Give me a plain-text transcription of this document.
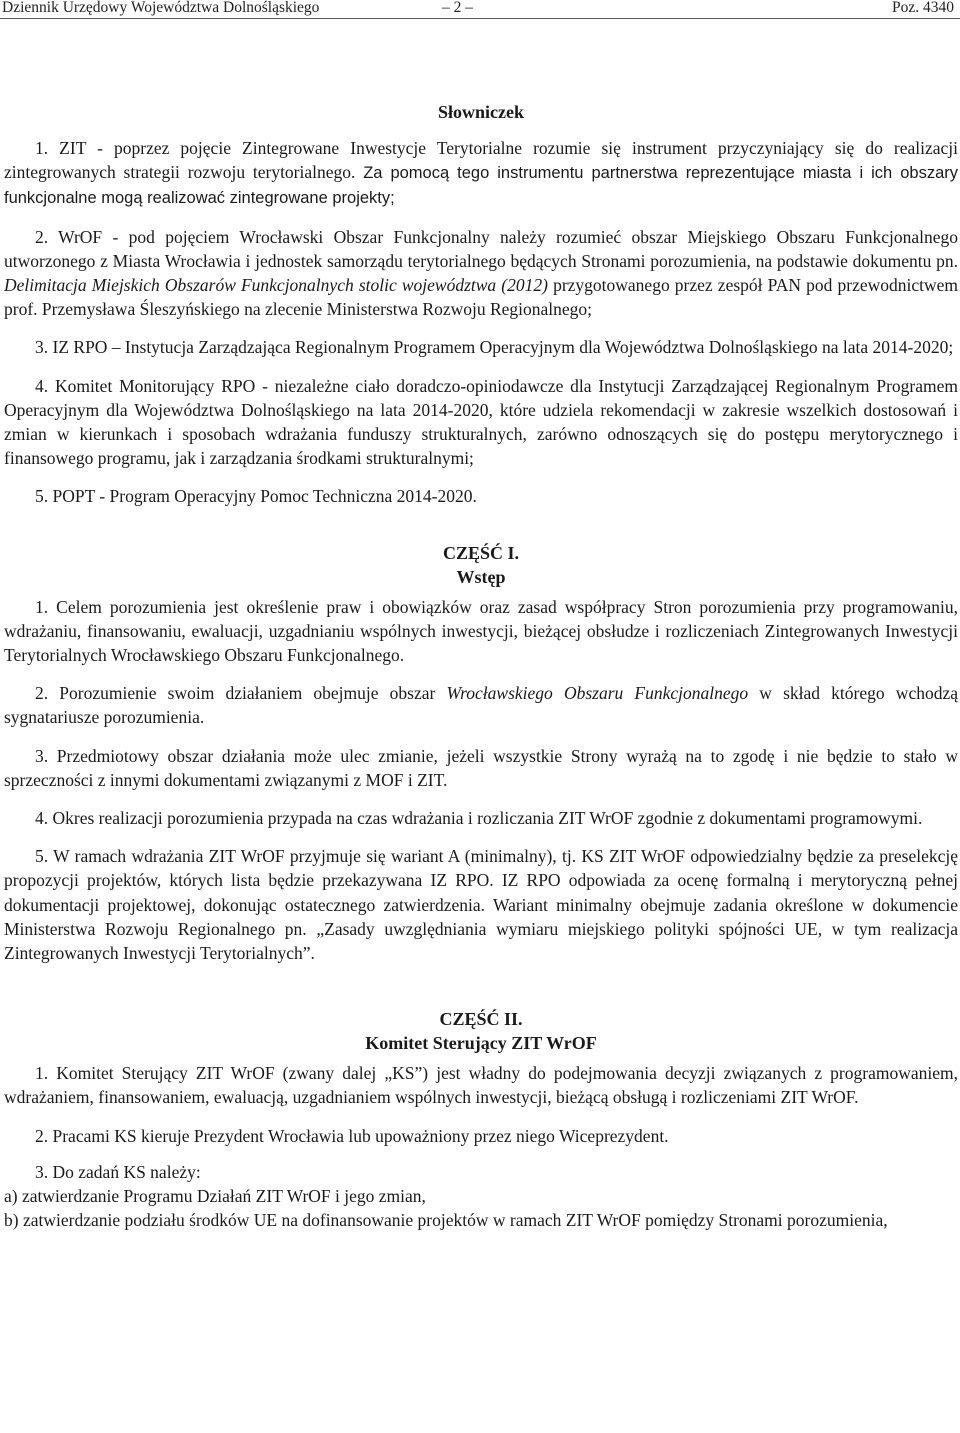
Dziennik Urzędowy Województwa Dolnośląskiego	– 2 –	Poz. 4340

Słowniczek

1. ZIT - poprzez pojęcie Zintegrowane Inwestycje Terytorialne rozumie się instrument przyczyniający się do realizacji zintegrowanych strategii rozwoju terytorialnego. Za pomocą tego instrumentu partnerstwa reprezentujące miasta i ich obszary funkcjonalne mogą realizować zintegrowane projekty;

2. WrOF - pod pojęciem Wrocławski Obszar Funkcjonalny należy rozumieć obszar Miejskiego Obszaru Funkcjonalnego utworzonego z Miasta Wrocławia i jednostek samorządu terytorialnego będących Stronami porozumienia, na podstawie dokumentu pn. Delimitacja Miejskich Obszarów Funkcjonalnych stolic województwa (2012) przygotowanego przez zespół PAN pod przewodnictwem prof. Przemysława Śleszyńskiego na zlecenie Ministerstwa Rozwoju Regionalnego;

3. IZ RPO – Instytucja Zarządzająca Regionalnym Programem Operacyjnym dla Województwa Dolnośląskiego na lata 2014-2020;

4. Komitet Monitorujący RPO - niezależne ciało doradczo-opiniodawcze dla Instytucji Zarządzającej Regionalnym Programem Operacyjnym dla Województwa Dolnośląskiego na lata 2014-2020, które udziela rekomendacji w zakresie wszelkich dostosowań i zmian w kierunkach i sposobach wdrażania funduszy strukturalnych, zarówno odnoszących się do postępu merytorycznego i finansowego programu, jak i zarządzania środkami strukturalnymi;

5. POPT - Program Operacyjny Pomoc Techniczna 2014-2020.

CZĘŚĆ I.

Wstęp

1. Celem porozumienia jest określenie praw i obowiązków oraz zasad współpracy Stron porozumienia przy programowaniu, wdrażaniu, finansowaniu, ewaluacji, uzgadnianiu wspólnych inwestycji, bieżącej obsłudze i rozliczeniach Zintegrowanych Inwestycji Terytorialnych Wrocławskiego Obszaru Funkcjonalnego.

2. Porozumienie swoim działaniem obejmuje obszar Wrocławskiego Obszaru Funkcjonalnego w skład którego wchodzą sygnatariusze porozumienia.

3. Przedmiotowy obszar działania może ulec zmianie, jeżeli wszystkie Strony wyrażą na to zgodę i nie będzie to stało w sprzeczności z innymi dokumentami związanymi z MOF i ZIT.

4. Okres realizacji porozumienia przypada na czas wdrażania i rozliczania ZIT WrOF zgodnie z dokumentami programowymi.

5. W ramach wdrażania ZIT WrOF przyjmuje się wariant A (minimalny), tj. KS ZIT WrOF odpowiedzialny będzie za preselekcję propozycji projektów, których lista będzie przekazywana IZ RPO. IZ RPO odpowiada za ocenę formalną i merytoryczną pełnej dokumentacji projektowej, dokonując ostatecznego zatwierdzenia. Wariant minimalny obejmuje zadania określone w dokumencie Ministerstwa Rozwoju Regionalnego pn. „Zasady uwzględniania wymiaru miejskiego polityki spójności UE, w tym realizacja Zintegrowanych Inwestycji Terytorialnych”.

CZĘŚĆ II.

Komitet Sterujący ZIT WrOF

1. Komitet Sterujący ZIT WrOF (zwany dalej „KS”) jest władny do podejmowania decyzji związanych z programowaniem, wdrażaniem, finansowaniem, ewaluacją, uzgadnianiem wspólnych inwestycji, bieżącą obsługą i rozliczeniami ZIT WrOF.

2. Pracami KS kieruje Prezydent Wrocławia lub upoważniony przez niego Wiceprezydent.

3. Do zadań KS należy:

a) zatwierdzanie Programu Działań ZIT WrOF i jego zmian,

b) zatwierdzanie podziału środków UE na dofinansowanie projektów w ramach ZIT WrOF pomiędzy Stronami porozumienia,
